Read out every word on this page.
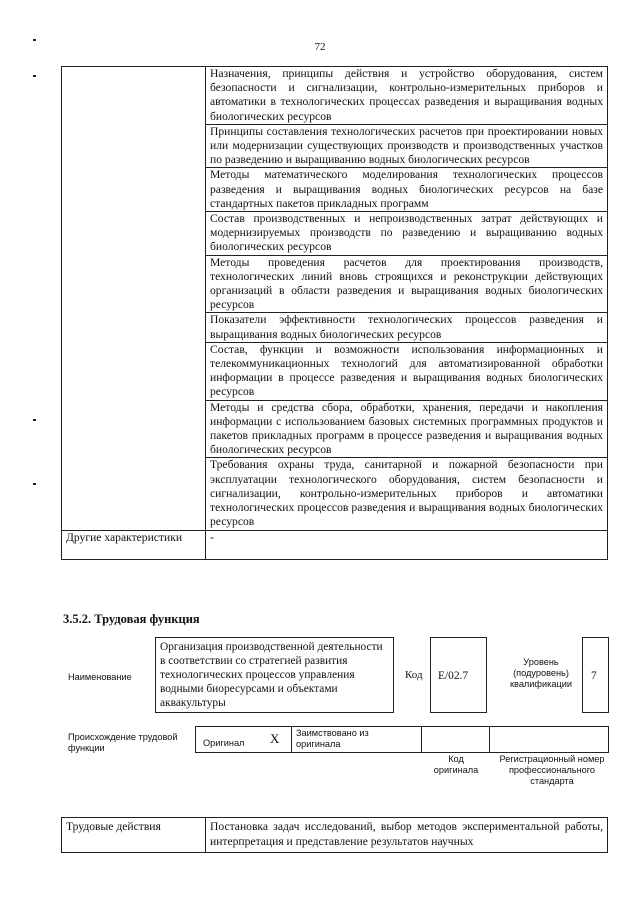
72
	Назначения, принципы действия и устройство оборудования, систем безопасности и сигнализации, контрольно-измерительных приборов и автоматики в технологических процессах разведения и выращивания водных биологических ресурсов
	Принципы составления технологических расчетов при проектировании новых или модернизации существующих производств и производственных участков по разведению и выращиванию водных биологических ресурсов
	Методы математического моделирования технологических процессов разведения и выращивания водных биологических ресурсов на базе стандартных пакетов прикладных программ
	Состав производственных и непроизводственных затрат действующих и модернизируемых производств по разведению и выращиванию водных биологических ресурсов
	Методы проведения расчетов для проектирования производств, технологических линий вновь строящихся и реконструкции действующих организаций в области разведения и выращивания водных биологических ресурсов
	Показатели эффективности технологических процессов разведения и выращивания водных биологических ресурсов
	Состав, функции и возможности использования информационных и телекоммуникационных технологий для автоматизированной обработки информации в процессе разведения и выращивания водных биологических ресурсов
	Методы и средства сбора, обработки, хранения, передачи и накопления информации с использованием базовых системных программных продуктов и пакетов прикладных программ в процессе разведения и выращивания водных биологических ресурсов
	Требования охраны труда, санитарной и пожарной безопасности при эксплуатации технологического оборудования, систем безопасности и сигнализации, контрольно-измерительных приборов и автоматики технологических процессов разведения и выращивания водных биологических ресурсов
Другие характеристики	-
3.5.2. Трудовая функция
Наименование
Организация производственной деятельности в соответствии со стратегией развития технологических процессов управления водными биоресурсами и объектами аквакультуры
Код E/02.7
Уровень (подуровень) квалификации
7
Происхождение трудовой функции	Оригинал X Заимствовано из оригинала
Код оригинала
Регистрационный номер профессионального стандарта
Трудовые действия	Постановка задач исследований, выбор методов экспериментальной работы, интерпретация и представление результатов научных
